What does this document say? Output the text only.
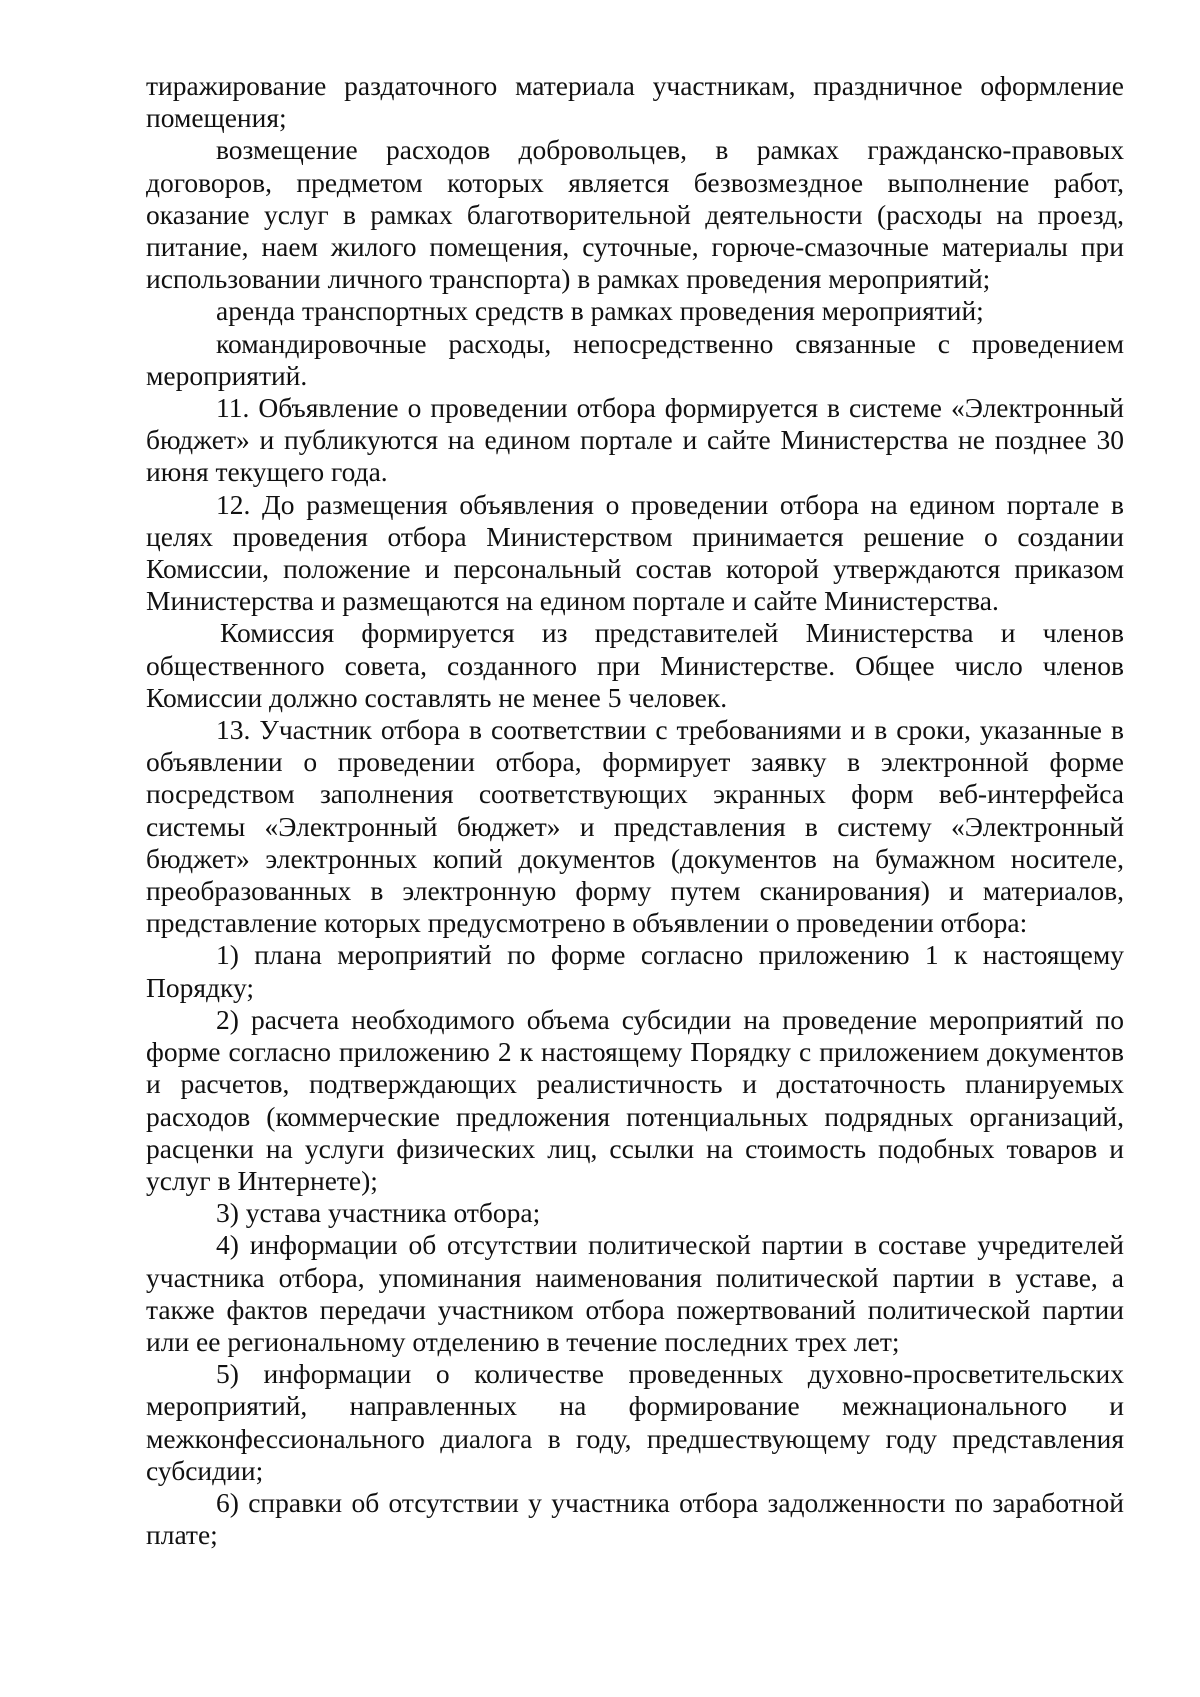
тиражирование раздаточного материала участникам, праздничное оформление помещения;

возмещение расходов добровольцев, в рамках гражданско-правовых договоров, предметом которых является безвозмездное выполнение работ, оказание услуг в рамках благотворительной деятельности (расходы на проезд, питание, наем жилого помещения, суточные, горюче-смазочные материалы при использовании личного транспорта) в рамках проведения мероприятий;

аренда транспортных средств в рамках проведения мероприятий;

командировочные расходы, непосредственно связанные с проведением мероприятий.

11. Объявление о проведении отбора формируется в системе «Электронный бюджет» и публикуются на едином портале и сайте Министерства не позднее 30 июня текущего года.

12. До размещения объявления о проведении отбора на едином портале в целях проведения отбора Министерством принимается решение о создании Комиссии, положение и персональный состав которой утверждаются приказом Министерства и размещаются на едином портале и сайте Министерства.

Комиссия формируется из представителей Министерства и членов общественного совета, созданного при Министерстве. Общее число членов Комиссии должно составлять не менее 5 человек.

13. Участник отбора в соответствии с требованиями и в сроки, указанные в объявлении о проведении отбора, формирует заявку в электронной форме посредством заполнения соответствующих экранных форм веб-интерфейса системы «Электронный бюджет» и представления в систему «Электронный бюджет» электронных копий документов (документов на бумажном носителе, преобразованных в электронную форму путем сканирования) и материалов, представление которых предусмотрено в объявлении о проведении отбора:

1) плана мероприятий по форме согласно приложению 1 к настоящему Порядку;

2) расчета необходимого объема субсидии на проведение мероприятий по форме согласно приложению 2 к настоящему Порядку с приложением документов и расчетов, подтверждающих реалистичность и достаточность планируемых расходов (коммерческие предложения потенциальных подрядных организаций, расценки на услуги физических лиц, ссылки на стоимость подобных товаров и услуг в Интернете);

3) устава участника отбора;

4) информации об отсутствии политической партии в составе учредителей участника отбора, упоминания наименования политической партии в уставе, а также фактов передачи участником отбора пожертвований политической партии или ее региональному отделению в течение последних трех лет;

5) информации о количестве проведенных духовно-просветительских мероприятий, направленных на формирование межнационального и межконфессионального диалога в году, предшествующему году представления субсидии;

6) справки об отсутствии у участника отбора задолженности по заработной плате;
